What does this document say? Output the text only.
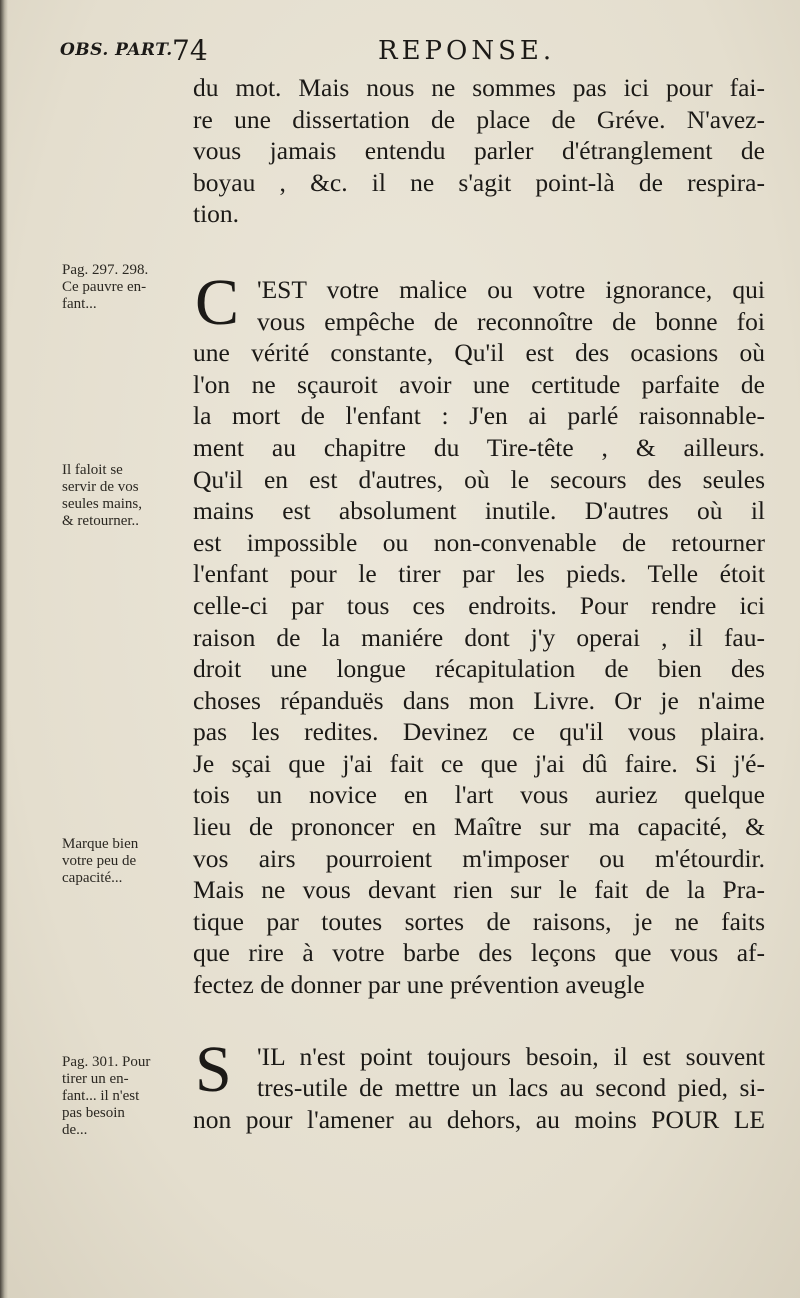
OBS. PART. 74	REPONSE.
Pag. 297. 298.
Ce pauvre en-
fant...
Il faloit se
servir de vos
seules mains,
& retourner..
Marque bien
votre peu de
capacité...
Pag. 301. Pour
tirer un en-
fant... il n'est
pas besoin
de...
du mot. Mais nous ne sommes pas ici pour fai-
re une dissertation de place de Gréve. N'avez-
vous jamais entendu parler d'étranglement de
boyau , &c. il ne s'agit point-là de respira-
tion.
C 'EST votre malice ou votre ignorance, qui
vous empêche de reconnoître de bonne foi
une vérité constante, Qu'il est des ocasions où
l'on ne sçauroit avoir une certitude parfaite de
la mort de l'enfant : J'en ai parlé raisonnable-
ment au chapitre du Tire-tête , & ailleurs.
Qu'il en est d'autres, où le secours des seules
mains est absolument inutile. D'autres où il
est impossible ou non-convenable de retourner
l'enfant pour le tirer par les pieds. Telle étoit
celle-ci par tous ces endroits. Pour rendre ici
raison de la maniére dont j'y operai , il fau-
droit une longue récapitulation de bien des
choses répanduës dans mon Livre. Or je n'aime
pas les redites. Devinez ce qu'il vous plaira.
Je sçai que j'ai fait ce que j'ai dû faire. Si j'é-
tois un novice en l'art vous auriez quelque
lieu de prononcer en Maître sur ma capacité, &
vos airs pourroient m'imposer ou m'étourdir.
Mais ne vous devant rien sur le fait de la Pra-
tique par toutes sortes de raisons, je ne faits
que rire à votre barbe des leçons que vous af-
fectez de donner par une prévention aveugle
S 'IL n'est point toujours besoin, il est souvent
tres-utile de mettre un lacs au second pied, si-
non pour l'amener au dehors, au moins POUR LE
